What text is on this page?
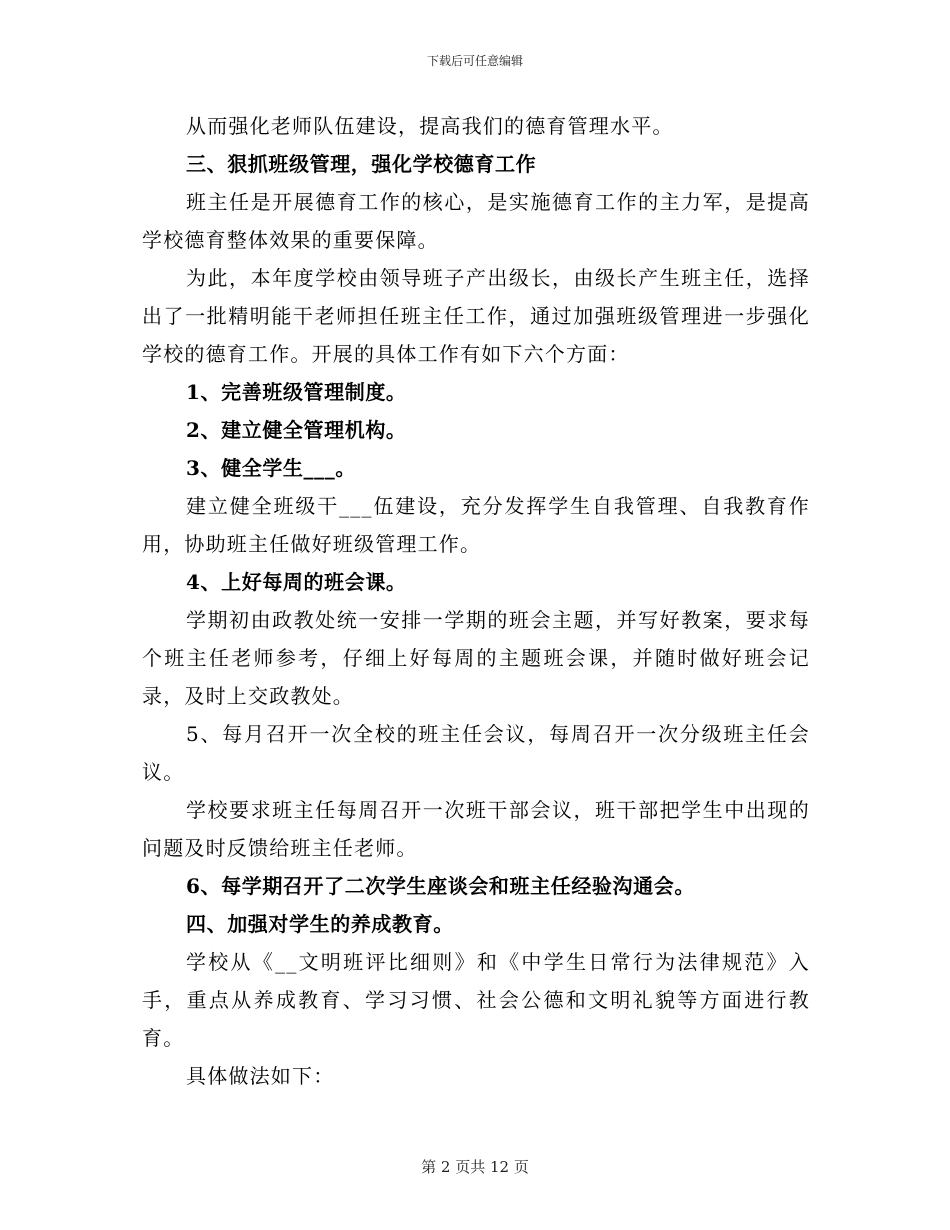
下载后可任意编辑

从而强化老师队伍建设，提高我们的德育管理水平。

三、狠抓班级管理，强化学校德育工作

班主任是开展德育工作的核心，是实施德育工作的主力军，是提高学校德育整体效果的重要保障。

为此，本年度学校由领导班子产出级长，由级长产生班主任，选择出了一批精明能干老师担任班主任工作，通过加强班级管理进一步强化学校的德育工作。开展的具体工作有如下六个方面：

1、完善班级管理制度。

2、建立健全管理机构。

3、健全学生___。

建立健全班级干___伍建设，充分发挥学生自我管理、自我教育作用，协助班主任做好班级管理工作。

4、上好每周的班会课。

学期初由政教处统一安排一学期的班会主题，并写好教案，要求每个班主任老师参考，仔细上好每周的主题班会课，并随时做好班会记录，及时上交政教处。

5、每月召开一次全校的班主任会议，每周召开一次分级班主任会议。

学校要求班主任每周召开一次班干部会议，班干部把学生中出现的问题及时反馈给班主任老师。

6、每学期召开了二次学生座谈会和班主任经验沟通会。

四、加强对学生的养成教育。

学校从《__文明班评比细则》和《中学生日常行为法律规范》入手，重点从养成教育、学习习惯、社会公德和文明礼貌等方面进行教育。

具体做法如下：

第 2 页共 12 页
